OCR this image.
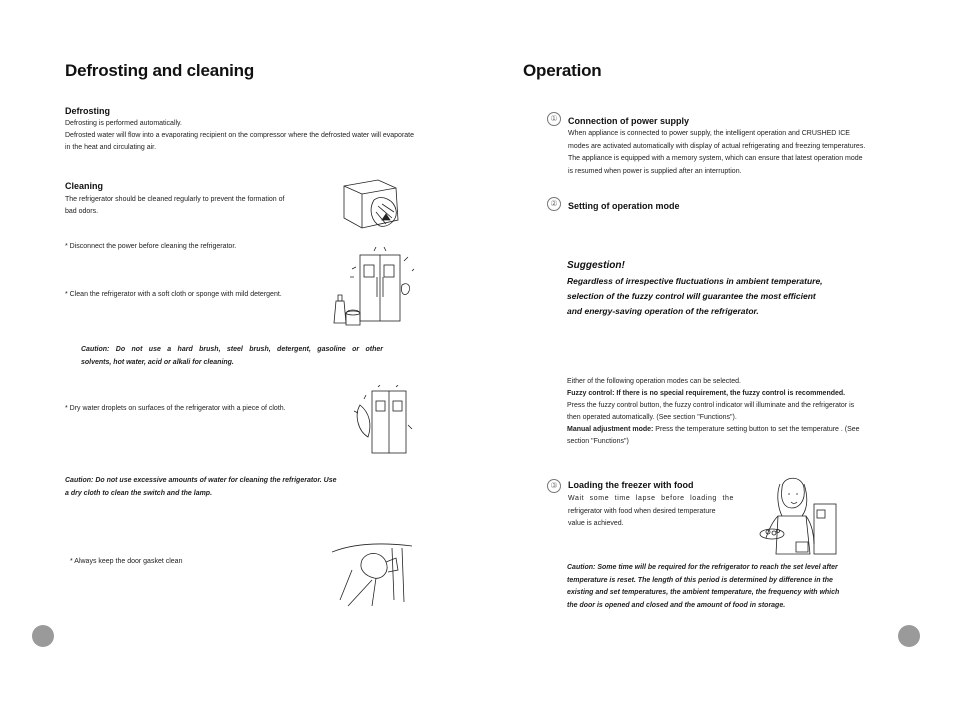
Defrosting and cleaning
Defrosting
Defrosting is performed automatically.
Defrosted water will flow into a evaporating recipient on the compressor where the defrosted water will evaporate
in the heat and circulating air.
Cleaning
The refrigerator should be cleaned regularly to prevent the formation of
bad odors.
* Disconnect the power before cleaning the refrigerator.
* Clean the refrigerator with a soft cloth or sponge with mild detergent.
Caution: Do not use a hard brush, steel brush, detergent, gasoline or other
solvents, hot water, acid or alkali for cleaning.
* Dry water droplets on surfaces of the refrigerator with a piece of cloth.
Caution: Do not use excessive amounts of water for cleaning the refrigerator. Use
a dry cloth to clean the switch and the lamp.
* Always keep the door gasket clean
Operation
①	Connection of power supply
When appliance is connected to power supply, the intelligent operation and CRUSHED ICE
modes are activated automatically with display of actual refrigerating and freezing temperatures.
The appliance is equipped with a memory system, which can ensure that latest operation mode
is resumed when power is supplied after an interruption.
②	Setting of operation mode
Suggestion!
Regardless of irrespective fluctuations in ambient temperature,
selection of the fuzzy control will guarantee the most efficient
and energy-saving operation of the refrigerator.
Either of the following operation modes can be selected.
Fuzzy control: If there is no special requirement, the fuzzy control is recommended.
Press the fuzzy control button, the fuzzy control indicator will illuminate and the refrigerator is
then operated automatically. (See section "Functions").
Manual adjustment mode: Press the temperature setting button to set the temperature . (See
section "Functions")
③	Loading the freezer with food
Wait some time lapse before loading the
refrigerator with food when desired temperature
value is achieved.
Caution: Some time will be required for the refrigerator to reach the set level after
temperature is reset. The length of this period is determined by difference in the
existing and set temperatures, the ambient temperature, the frequency with which
the door is opened and closed and the amount of food in storage.
